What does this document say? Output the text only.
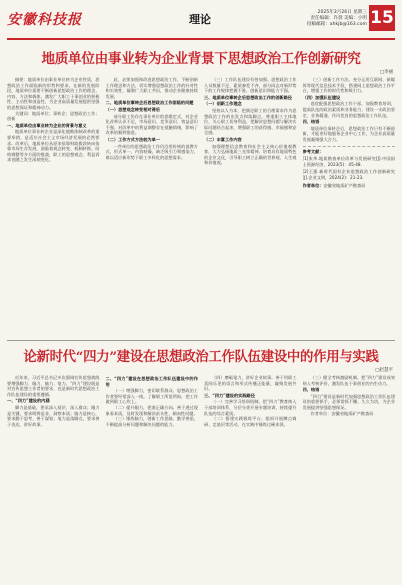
安徽科技报	理论
2025年3月26日 星期三
责任编辑：许晨 美编：小明
投稿邮箱：ahkjb@163.com 15
地质单位由事业转为企业背景下思想政治工作创新研究
□李丽

摘要：地质单位由事业单位转为企业性质，思想政治工作面临新的形势和要求。在新的发展阶段，地质单位需要不断创新思想政治工作的理念、内容、方法和载体，激发广大职工干事创业的积极性、主动性和创造性，为企业高质量发展提供坚强的思想保证和精神动力。

关键词：地质单位；事转企；思想政治工作；创新

一、地质单位由事业转为企业的背景与意义

地质单位事业转企业是深化地勘体制改革的重要举措，是适应社会主义市场经济发展的必然要求。改革后，地质单位从原来依靠财政拨款转向依靠市场生存发展，面临着观念转变、机制转换、结构调整等多方面的挑战，职工的思想观念、利益诉求也随之发生深刻变化。

此，必须加强和改进思想政治工作，不断创新工作理念和方法，切实增强思想政治工作的针对性和实效性，凝聚广大职工共识，推动企业健康持续发展。

二、地质单位事转企后思想政治工作面临的问题

（一）思想观念转变相对滞后

部分职工仍存在事业单位的思维定式，对企业化改革认识不足，市场意识、竞争意识、效益意识不强，对改革中的利益调整存在抵触情绪，影响了改革的顺利推进。

（二）工作方式方法较为单一

一些单位的思想政治工作仍沿用传统的说教方式，形式单一、内容枯燥，缺乏吸引力和感染力，难以适应新形势下职工多样化的思想需求。

（三）工作队伍建设有待加强。思想政治工作人员数量不足、素质参差不齐，部分同志对新形势下的工作规律把握不准，创新意识和能力不强。

三、地质单位事转企后思想政治工作的创新路径

（一）创新工作理念

坚持以人为本，把满足职工的合理需求作为思想政治工作的出发点和落脚点，尊重职工主体地位，关心职工切身利益，把解决思想问题与解决实际问题结合起来，增强职工的获得感、幸福感和安全感。

（二）丰富工作内容

加强理想信念教育和社会主义核心价值观教育，大力弘扬地质三光荣精神，培育具有地质特色的企业文化，引导职工树立正确的世界观、人生观和价值观。

（三）创新工作方法。充分运用互联网、新媒体等现代信息技术手段，搭建网上思想政治工作平台，增强工作的时代性和吸引力。

（四）加强队伍建设

选优配强思想政治工作干部，加强教育培训，提高队伍的政治素质和业务能力，建设一支政治坚定、业务精通、作风优良的思想政治工作队伍。

四、结语

地质单位事转企后，思想政治工作只有不断创新，才能更好地服务企业中心工作，为企业高质量发展凝聚强大合力。

参考文献：

[1]张华.地质勘查单位改革与发展研究[J].中国国土资源经济，2023(5)：45-48.

[2]王强.新时代国有企业思想政治工作创新研究[J].企业文明，2024(2)：21-23.

作者单位：安徽省地质矿产勘查局

论新时代“四力”建设在思想政治工作队伍建设中的作用与实践
□赵慧平

近年来，习近平总书记多次强调宣传思想战线要增强脚力、眼力、脑力、笔力。“四力”建设既是对宣传思想工作者的要求，也是新时代思想政治工作队伍建设的重要遵循。

一、“四力”建设的内涵

脚力是基础，要求深入基层、深入群众；眼力是关键，要求明辨是非、洞察本质；脑力是核心，要求勤于思考、善于谋划；笔力是落脚点，要求善于表达、讲好故事。

二、“四力”建设在思想政治工作队伍建设中的作用

（一）增强脚力，密切联系群众。思想政治工作者要经常深入一线，了解职工所思所盼，把工作做到职工心坎上。

（二）提升眼力，把准正确方向。善于透过现象看本质，及时发现和解决苗头性、倾向性问题。

（三）锤炼脑力，创新工作思路。勤学善思，不断提高分析问题和解决问题的能力。

（四）磨砺笔力，讲好企业故事。善于用职工喜闻乐见的语言和形式传播正能量，凝聚发展共识。

三、“四力”建设的实践路径

（一）完善学习培训机制。把“四力”教育纳入干部培训体系，分层分类开展专题培训，持续提升队伍的综合素质。

（二）搭建实践锻炼平台。组织开展蹲点调研、走基层等活动，在实践中锤炼过硬本领。

（三）健全考核激励机制。把“四力”建设成效纳入考核评价，激发队伍干事创业的内生动力。

四、结语

“四力”建设是新时代加强思想政治工作队伍建设的重要抓手，必须常抓不懈、久久为功，为企业发展提供坚强思想保证。

作者单位：安徽省地质矿产勘查局
